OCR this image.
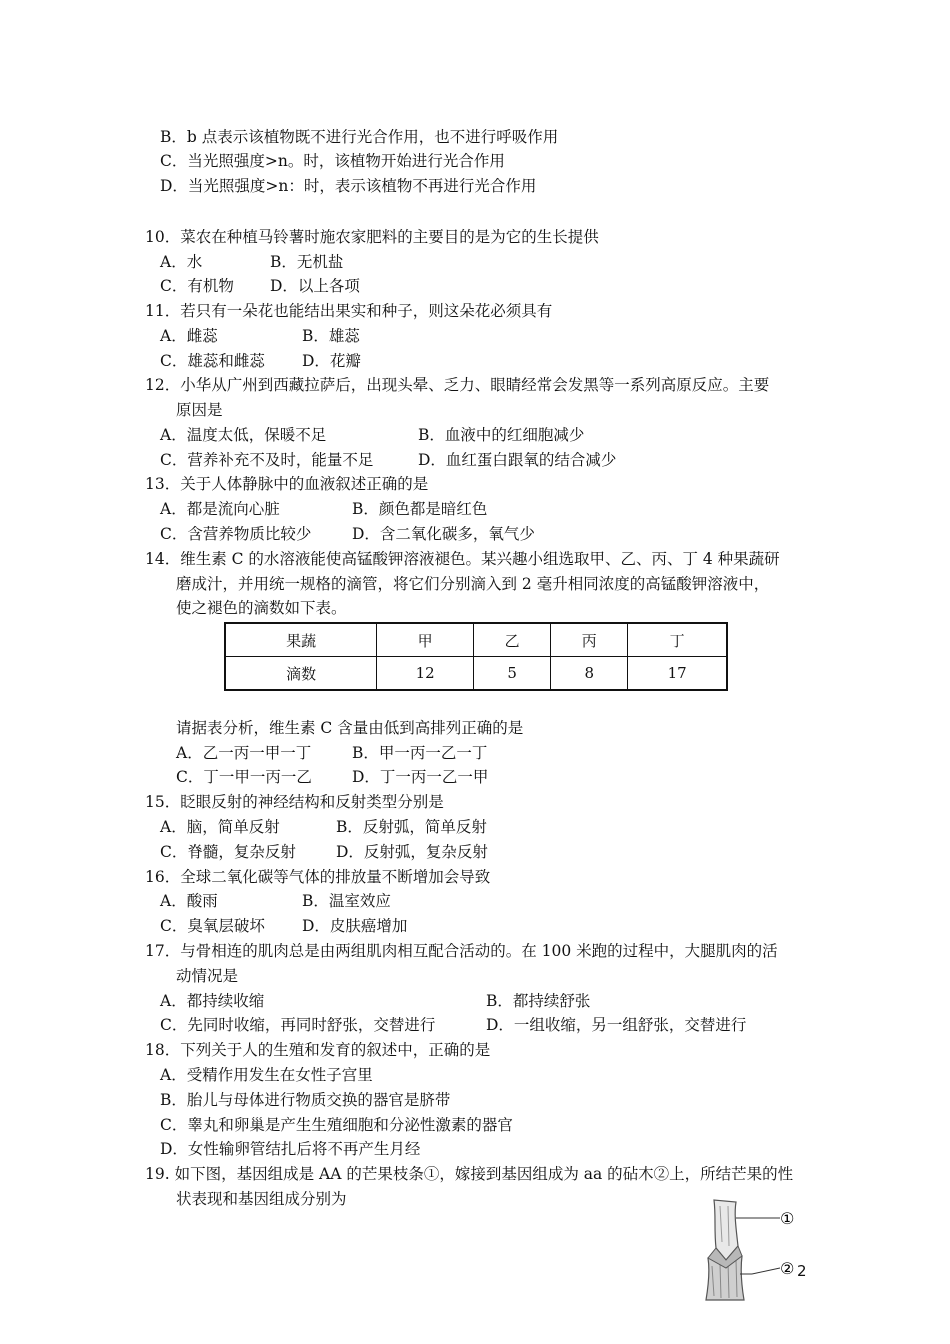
B．b 点表示该植物既不进行光合作用，也不进行呼吸作用
C．当光照强度>n。时，该植物开始进行光合作用
D．当光照强度>n：时，表示该植物不再进行光合作用
10．菜农在种植马铃薯时施农家肥料的主要目的是为它的生长提供
A．水	B．无机盐
C．有机物 D．以上各项
11．若只有一朵花也能结出果实和种子，则这朵花必须具有
A．雌蕊	B．雄蕊
C．雄蕊和雌蕊 D．花瓣
12．小华从广州到西藏拉萨后，出现头晕、乏力、眼睛经常会发黑等一系列高原反应。主要
原因是
A．温度太低，保暖不足	B．血液中的红细胞减少
C．营养补充不及时，能量不足	D．血红蛋白跟氧的结合减少
13．关于人体静脉中的血液叙述正确的是
A．都是流向心脏	B．颜色都是暗红色
C．含营养物质比较少	D．含二氧化碳多，氧气少
14．维生素 C 的水溶液能使高锰酸钾溶液褪色。某兴趣小组选取甲、乙、丙、丁 4 种果蔬研
磨成汁，并用统一规格的滴管，将它们分别滴入到 2 毫升相同浓度的高锰酸钾溶液中，
使之褪色的滴数如下表。
果蔬	甲	乙	丙	丁
滴数	12	5	8	17
请据表分析，维生素 C 含量由低到高排列正确的是
A．乙一丙一甲一丁	B．甲一丙一乙一丁
C．丁一甲一丙一乙	D．丁一丙一乙一甲
15．眨眼反射的神经结构和反射类型分别是
A．脑，简单反射	B．反射弧，简单反射
C．脊髓，复杂反射	D．反射弧，复杂反射
16．全球二氧化碳等气体的排放量不断增加会导致
A．酸雨	B．温室效应
C．臭氧层破坏 D．皮肤癌增加
17．与骨相连的肌肉总是由两组肌肉相互配合活动的。在 100 米跑的过程中，大腿肌肉的活
动情况是
A．都持续收缩	B．都持续舒张
C．先同时收缩，再同时舒张，交替进行	D．一组收缩，另一组舒张，交替进行
18．下列关于人的生殖和发育的叙述中，正确的是
A．受精作用发生在女性子宫里
B．胎儿与母体进行物质交换的器官是脐带
C．睾丸和卵巢是产生生殖细胞和分泌性激素的器官
D．女性输卵管结扎后将不再产生月经
19. 如下图，基因组成是 AA 的芒果枝条①，嫁接到基因组成为 aa 的砧木②上，所结芒果的性
状表现和基因组成分别为
①
② 2
